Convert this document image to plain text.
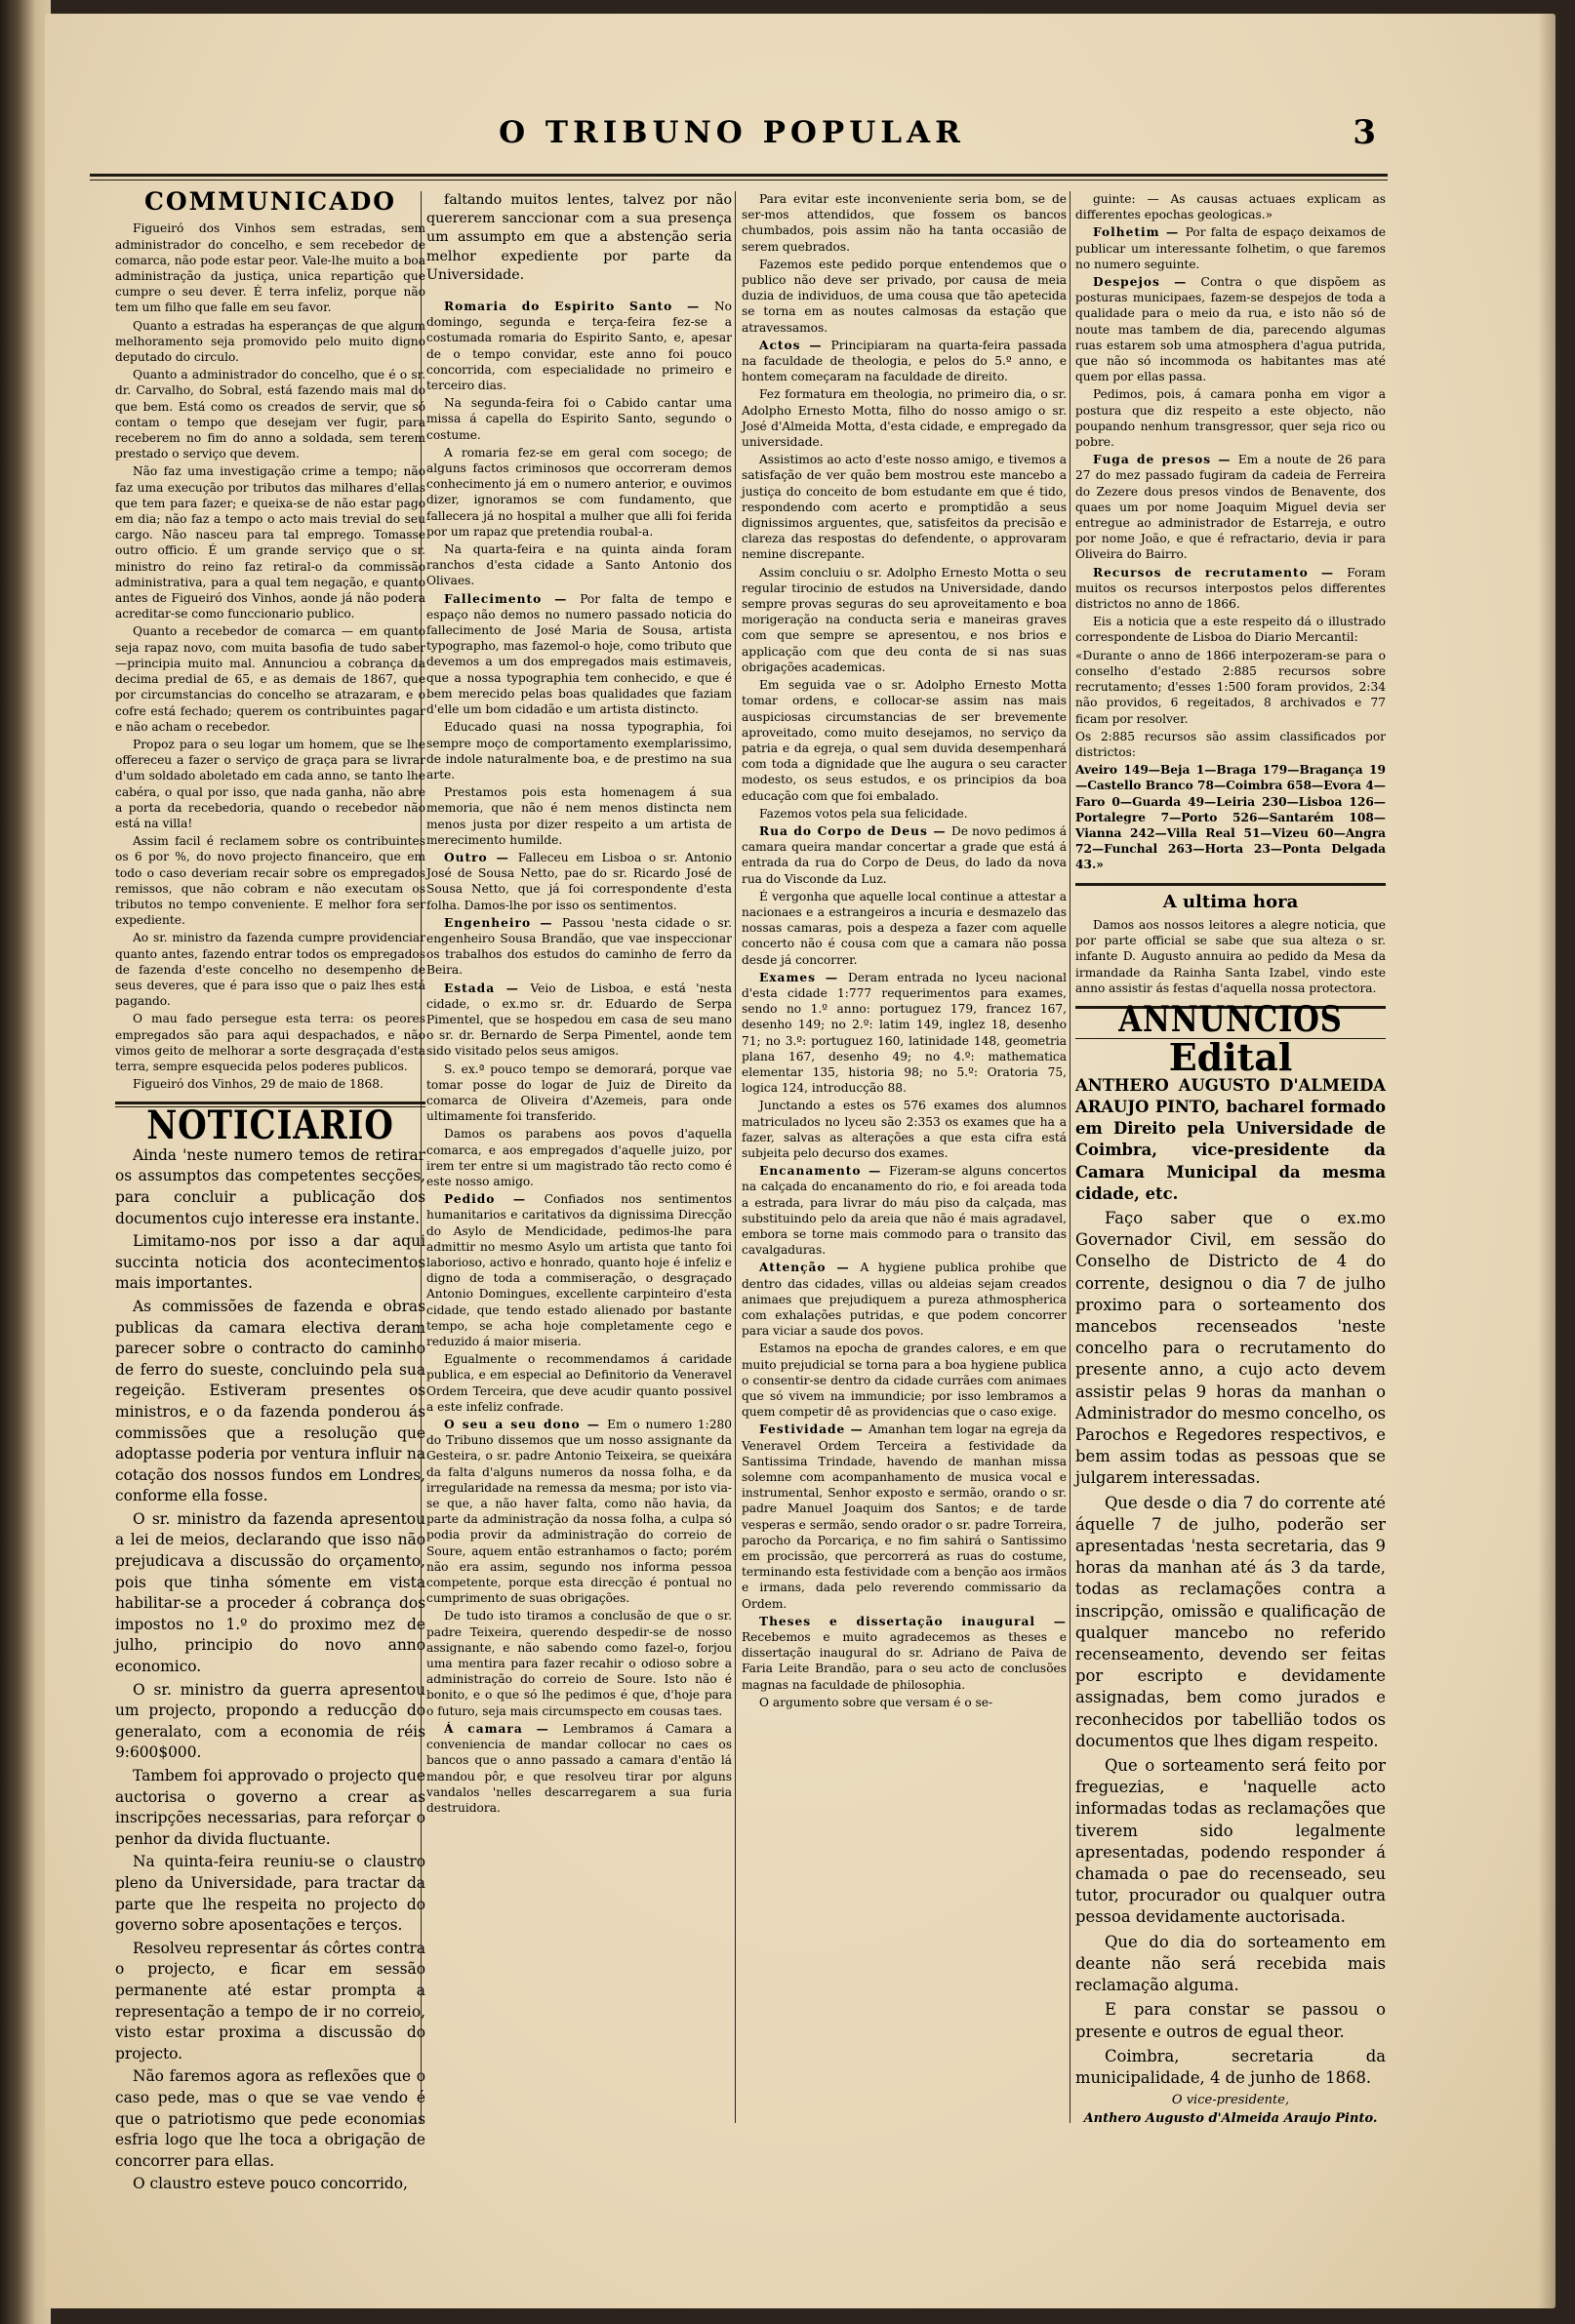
O TRIBUNO POPULAR	3
COMMUNICADO

Figueiró dos Vinhos sem estradas, sem administrador do concelho, e sem recebedor de comarca, não pode estar peor. Vale-lhe muito a boa administração da justiça, unica repartição que cumpre o seu dever. É terra infeliz, porque não tem um filho que falle em seu favor.

Quanto a estradas ha esperanças de que algum melhoramento seja promovido pelo muito digno deputado do circulo.

Quanto a administrador do concelho, que é o sr. dr. Carvalho, do Sobral, está fazendo mais mal do que bem. Está como os creados de servir, que só contam o tempo que desejam ver fugir, para receberem no fim do anno a soldada, sem terem prestado o serviço que devem.

Não faz uma investigação crime a tempo; não faz uma execução por tributos das milhares d'ellas que tem para fazer; e queixa-se de não estar pago em dia; não faz a tempo o acto mais trevial do seu cargo. Não nasceu para tal emprego. Tomasse outro officio. É um grande serviço que o sr. ministro do reino faz retiral-o da commissão administrativa, para a qual tem negação, e quanto antes de Figueiró dos Vinhos, aonde já não podera acreditar-se como funccionario publico.

Quanto a recebedor de comarca — em quanto seja rapaz novo, com muita basofia de tudo saber —principia muito mal. Annunciou a cobrança da decima predial de 65, e as demais de 1867, que por circumstancias do concelho se atrazaram, e o cofre está fechado; querem os contribuintes pagar e não acham o recebedor.

Propoz para o seu logar um homem, que se lhe offereceu a fazer o serviço de graça para se livrar d'um soldado aboletado em cada anno, se tanto lhe cabéra, o qual por isso, que nada ganha, não abre a porta da recebedoria, quando o recebedor não está na villa!

Assim facil é reclamem sobre os contribuintes os 6 por %, do novo projecto financeiro, que em todo o caso deveriam recair sobre os empregados remissos, que não cobram e não executam os tributos no tempo conveniente. E melhor fora ser expediente.

Ao sr. ministro da fazenda cumpre providenciar quanto antes, fazendo entrar todos os empregados de fazenda d'este concelho no desempenho de seus deveres, que é para isso que o paiz lhes está pagando.

O mau fado persegue esta terra: os peores empregados são para aqui despachados, e não vimos geito de melhorar a sorte desgraçada d'esta terra, sempre esquecida pelos poderes publicos.

Figueiró dos Vinhos, 29 de maio de 1868.

NOTICIARIO

Ainda 'neste numero temos de retirar os assumptos das competentes secções, para concluir a publicação dos documentos cujo interesse era instante.

Limitamo-nos por isso a dar aqui succinta noticia dos acontecimentos mais importantes.

As commissões de fazenda e obras publicas da camara electiva deram parecer sobre o contracto do caminho de ferro do sueste, concluindo pela sua regeição. Estiveram presentes os ministros, e o da fazenda ponderou ás commissões que a resolução que adoptasse poderia por ventura influir na cotação dos nossos fundos em Londres, conforme ella fosse.

O sr. ministro da fazenda apresentou a lei de meios, declarando que isso não prejudicava a discussão do orçamento, pois que tinha sómente em vista habilitar-se a proceder á cobrança dos impostos no 1.º do proximo mez de julho, principio do novo anno economico.

O sr. ministro da guerra apresentou um projecto, propondo a reducção do generalato, com a economia de réis 9:600$000.

Tambem foi approvado o projecto que auctorisa o governo a crear as inscripções necessarias, para reforçar o penhor da divida fluctuante.

Na quinta-feira reuniu-se o claustro pleno da Universidade, para tractar da parte que lhe respeita no projecto do governo sobre aposentações e terços.

Resolveu representar ás côrtes contra o projecto, e ficar em sessão permanente até estar prompta a representação a tempo de ir no correio, visto estar proxima a discussão do projecto.

Não faremos agora as reflexões que o caso pede, mas o que se vae vendo é que o patriotismo que pede economias esfria logo que lhe toca a obrigação de concorrer para ellas.

O claustro esteve pouco concorrido,

faltando muitos lentes, talvez por não quererem sanccionar com a sua presença um assumpto em que a abstenção seria melhor expediente por parte da Universidade.

Romaria do Espirito Santo — No domingo, segunda e terça-feira fez-se a costumada romaria do Espirito Santo, e, apesar de o tempo convidar, este anno foi pouco concorrida, com especialidade no primeiro e terceiro dias.

Na segunda-feira foi o Cabido cantar uma missa á capella do Espirito Santo, segundo o costume.

A romaria fez-se em geral com socego; de alguns factos criminosos que occorreram demos conhecimento já em o numero anterior, e ouvimos dizer, ignoramos se com fundamento, que fallecera já no hospital a mulher que alli foi ferida por um rapaz que pretendia roubal-a.

Na quarta-feira e na quinta ainda foram ranchos d'esta cidade a Santo Antonio dos Olivaes.

Fallecimento — Por falta de tempo e espaço não demos no numero passado noticia do fallecimento de José Maria de Sousa, artista typographo, mas fazemol-o hoje, como tributo que devemos a um dos empregados mais estimaveis, que a nossa typographia tem conhecido, e que é bem merecido pelas boas qualidades que faziam d'elle um bom cidadão e um artista distincto.

Educado quasi na nossa typographia, foi sempre moço de comportamento exemplarissimo, de indole naturalmente boa, e de prestimo na sua arte.

Prestamos pois esta homenagem á sua memoria, que não é nem menos distincta nem menos justa por dizer respeito a um artista de merecimento humilde.

Outro — Falleceu em Lisboa o sr. Antonio José de Sousa Netto, pae do sr. Ricardo José de Sousa Netto, que já foi correspondente d'esta folha. Damos-lhe por isso os sentimentos.

Engenheiro — Passou 'nesta cidade o sr. engenheiro Sousa Brandão, que vae inspeccionar os trabalhos dos estudos do caminho de ferro da Beira.

Estada — Veio de Lisboa, e está 'nesta cidade, o ex.mo sr. dr. Eduardo de Serpa Pimentel, que se hospedou em casa de seu mano o sr. dr. Bernardo de Serpa Pimentel, aonde tem sido visitado pelos seus amigos.

S. ex.ª pouco tempo se demorará, porque vae tomar posse do logar de Juiz de Direito da comarca de Oliveira d'Azemeis, para onde ultimamente foi transferido.

Damos os parabens aos povos d'aquella comarca, e aos empregados d'aquelle juizo, por irem ter entre si um magistrado tão recto como é este nosso amigo.

Pedido — Confiados nos sentimentos humanitarios e caritativos da dignissima Direcção do Asylo de Mendicidade, pedimos-lhe para admittir no mesmo Asylo um artista que tanto foi laborioso, activo e honrado, quanto hoje é infeliz e digno de toda a commiseração, o desgraçado Antonio Domingues, excellente carpinteiro d'esta cidade, que tendo estado alienado por bastante tempo, se acha hoje completamente cego e reduzido á maior miseria.

Egualmente o recommendamos á caridade publica, e em especial ao Definitorio da Veneravel Ordem Terceira, que deve acudir quanto possivel a este infeliz confrade.

O seu a seu dono — Em o numero 1:280 do Tribuno dissemos que um nosso assignante da Gesteira, o sr. padre Antonio Teixeira, se queixára da falta d'alguns numeros da nossa folha, e da irregularidade na remessa da mesma; por isto via-se que, a não haver falta, como não havia, da parte da administração da nossa folha, a culpa só podia provir da administração do correio de Soure, aquem então estranhamos o facto; porém não era assim, segundo nos informa pessoa competente, porque esta direcção é pontual no cumprimento de suas obrigações.

De tudo isto tiramos a conclusão de que o sr. padre Teixeira, querendo despedir-se de nosso assignante, e não sabendo como fazel-o, forjou uma mentira para fazer recahir o odioso sobre a administração do correio de Soure. Isto não é bonito, e o que só lhe pedimos é que, d'hoje para o futuro, seja mais circumspecto em cousas taes.

Á camara — Lembramos á Camara a conveniencia de mandar collocar no caes os bancos que o anno passado a camara d'então lá mandou pôr, e que resolveu tirar por alguns vandalos 'nelles descarregarem a sua furia destruidora.

Para evitar este inconveniente seria bom, se de ser-mos attendidos, que fossem os bancos chumbados, pois assim não ha tanta occasião de serem quebrados.

Fazemos este pedido porque entendemos que o publico não deve ser privado, por causa de meia duzia de individuos, de uma cousa que tão apetecida se torna em as noutes calmosas da estação que atravessamos.

Actos — Principiaram na quarta-feira passada na faculdade de theologia, e pelos do 5.º anno, e hontem começaram na faculdade de direito.

Fez formatura em theologia, no primeiro dia, o sr. Adolpho Ernesto Motta, filho do nosso amigo o sr. José d'Almeida Motta, d'esta cidade, e empregado da universidade.

Assistimos ao acto d'este nosso amigo, e tivemos a satisfação de ver quão bem mostrou este mancebo a justiça do conceito de bom estudante em que é tido, respondendo com acerto e promptidão a seus dignissimos arguentes, que, satisfeitos da precisão e clareza das respostas do defendente, o approvaram nemine discrepante.

Assim concluiu o sr. Adolpho Ernesto Motta o seu regular tirocinio de estudos na Universidade, dando sempre provas seguras do seu aproveitamento e boa morigeração na conducta seria e maneiras graves com que sempre se apresentou, e nos brios e applicação com que deu conta de si nas suas obrigações academicas.

Em seguida vae o sr. Adolpho Ernesto Motta tomar ordens, e collocar-se assim nas mais auspiciosas circumstancias de ser brevemente aproveitado, como muito desejamos, no serviço da patria e da egreja, o qual sem duvida desempenhará com toda a dignidade que lhe augura o seu caracter modesto, os seus estudos, e os principios da boa educação com que foi embalado.

Fazemos votos pela sua felicidade.

Rua do Corpo de Deus — De novo pedimos á camara queira mandar concertar a grade que está á entrada da rua do Corpo de Deus, do lado da nova rua do Visconde da Luz.

É vergonha que aquelle local continue a attestar a nacionaes e a estrangeiros a incuria e desmazelo das nossas camaras, pois a despeza a fazer com aquelle concerto não é cousa com que a camara não possa desde já concorrer.

Exames — Deram entrada no lyceu nacional d'esta cidade 1:777 requerimentos para exames, sendo no 1.º anno: portuguez 179, francez 167, desenho 149; no 2.º: latim 149, inglez 18, desenho 71; no 3.º: portuguez 160, latinidade 148, geometria plana 167, desenho 49; no 4.º: mathematica elementar 135, historia 98; no 5.º: Oratoria 75, logica 124, introducção 88.

Junctando a estes os 576 exames dos alumnos matriculados no lyceu são 2:353 os exames que ha a fazer, salvas as alterações a que esta cifra está subjeita pelo decurso dos exames.

Encanamento — Fizeram-se alguns concertos na calçada do encanamento do rio, e foi areada toda a estrada, para livrar do máu piso da calçada, mas substituindo pelo da areia que não é mais agradavel, embora se torne mais commodo para o transito das cavalgaduras.

Attenção — A hygiene publica prohibe que dentro das cidades, villas ou aldeias sejam creados animaes que prejudiquem a pureza athmospherica com exhalações putridas, e que podem concorrer para viciar a saude dos povos.

Estamos na epocha de grandes calores, e em que muito prejudicial se torna para a boa hygiene publica o consentir-se dentro da cidade currães com animaes que só vivem na immundicie; por isso lembramos a quem competir dê as providencias que o caso exige.

Festividade — Amanhan tem logar na egreja da Veneravel Ordem Terceira a festividade da Santissima Trindade, havendo de manhan missa solemne com acompanhamento de musica vocal e instrumental, Senhor exposto e sermão, orando o sr. padre Manuel Joaquim dos Santos; e de tarde vesperas e sermão, sendo orador o sr. padre Torreira, parocho da Porcariça, e no fim sahirá o Santissimo em procissão, que percorrerá as ruas do costume, terminando esta festividade com a benção aos irmãos e irmans, dada pelo reverendo commissario da Ordem.

Theses e dissertação inaugural — Recebemos e muito agradecemos as theses e dissertação inaugural do sr. Adriano de Paiva de Faria Leite Brandão, para o seu acto de conclusões magnas na faculdade de philosophia.

O argumento sobre que versam é o se-

guinte: — As causas actuaes explicam as differentes epochas geologicas.»

Folhetim — Por falta de espaço deixamos de publicar um interessante folhetim, o que faremos no numero seguinte.

Despejos — Contra o que dispõem as posturas municipaes, fazem-se despejos de toda a qualidade para o meio da rua, e isto não só de noute mas tambem de dia, parecendo algumas ruas estarem sob uma atmosphera d'agua putrida, que não só incommoda os habitantes mas até quem por ellas passa.

Pedimos, pois, á camara ponha em vigor a postura que diz respeito a este objecto, não poupando nenhum transgressor, quer seja rico ou pobre.

Fuga de presos — Em a noute de 26 para 27 do mez passado fugiram da cadeia de Ferreira do Zezere dous presos vindos de Benavente, dos quaes um por nome Joaquim Miguel devia ser entregue ao administrador de Estarreja, e outro por nome João, e que é refractario, devia ir para Oliveira do Bairro.

Recursos de recrutamento — Foram muitos os recursos interpostos pelos differentes districtos no anno de 1866.

Eis a noticia que a este respeito dá o illustrado correspondente de Lisboa do Diario Mercantil:

«Durante o anno de 1866 interpozeram-se para o conselho d'estado 2:885 recursos sobre recrutamento; d'esses 1:500 foram providos, 2:34 não providos, 6 regeitados, 8 archivados e 77 ficam por resolver.

Os 2:885 recursos são assim classificados por districtos:

Aveiro 149—Beja 1—Braga 179—Bragança 19—Castello Branco 78—Coimbra 658—Evora 4—Faro 0—Guarda 49—Leiria 230—Lisboa 126—Portalegre 7—Porto 526—Santarém 108—Vianna 242—Villa Real 51—Vizeu 60—Angra 72—Funchal 263—Horta 23—Ponta Delgada 43.»

A ultima hora

Damos aos nossos leitores a alegre noticia, que por parte official se sabe que sua alteza o sr. infante D. Augusto annuira ao pedido da Mesa da irmandade da Rainha Santa Izabel, vindo este anno assistir ás festas d'aquella nossa protectora.

ANNUNCIOS
Edital

ANTHERO AUGUSTO D'ALMEIDA ARAUJO PINTO, bacharel formado em Direito pela Universidade de Coimbra, vice-presidente da Camara Municipal da mesma cidade, etc.

Faço saber que o ex.mo Governador Civil, em sessão do Conselho de Districto de 4 do corrente, designou o dia 7 de julho proximo para o sorteamento dos mancebos recenseados 'neste concelho para o recrutamento do presente anno, a cujo acto devem assistir pelas 9 horas da manhan o Administrador do mesmo concelho, os Parochos e Regedores respectivos, e bem assim todas as pessoas que se julgarem interessadas.

Que desde o dia 7 do corrente até áquelle 7 de julho, poderão ser apresentadas 'nesta secretaria, das 9 horas da manhan até ás 3 da tarde, todas as reclamações contra a inscripção, omissão e qualificação de qualquer mancebo no referido recenseamento, devendo ser feitas por escripto e devidamente assignadas, bem como jurados e reconhecidos por tabellião todos os documentos que lhes digam respeito.

Que o sorteamento será feito por freguezias, e 'naquelle acto informadas todas as reclamações que tiverem sido legalmente apresentadas, podendo responder á chamada o pae do recenseado, seu tutor, procurador ou qualquer outra pessoa devidamente auctorisada.

Que do dia do sorteamento em deante não será recebida mais reclamação alguma.

E para constar se passou o presente e outros de egual theor.

Coimbra, secretaria da municipalidade, 4 de junho de 1868.

O vice-presidente,
Anthero Augusto d'Almeida Araujo Pinto.
